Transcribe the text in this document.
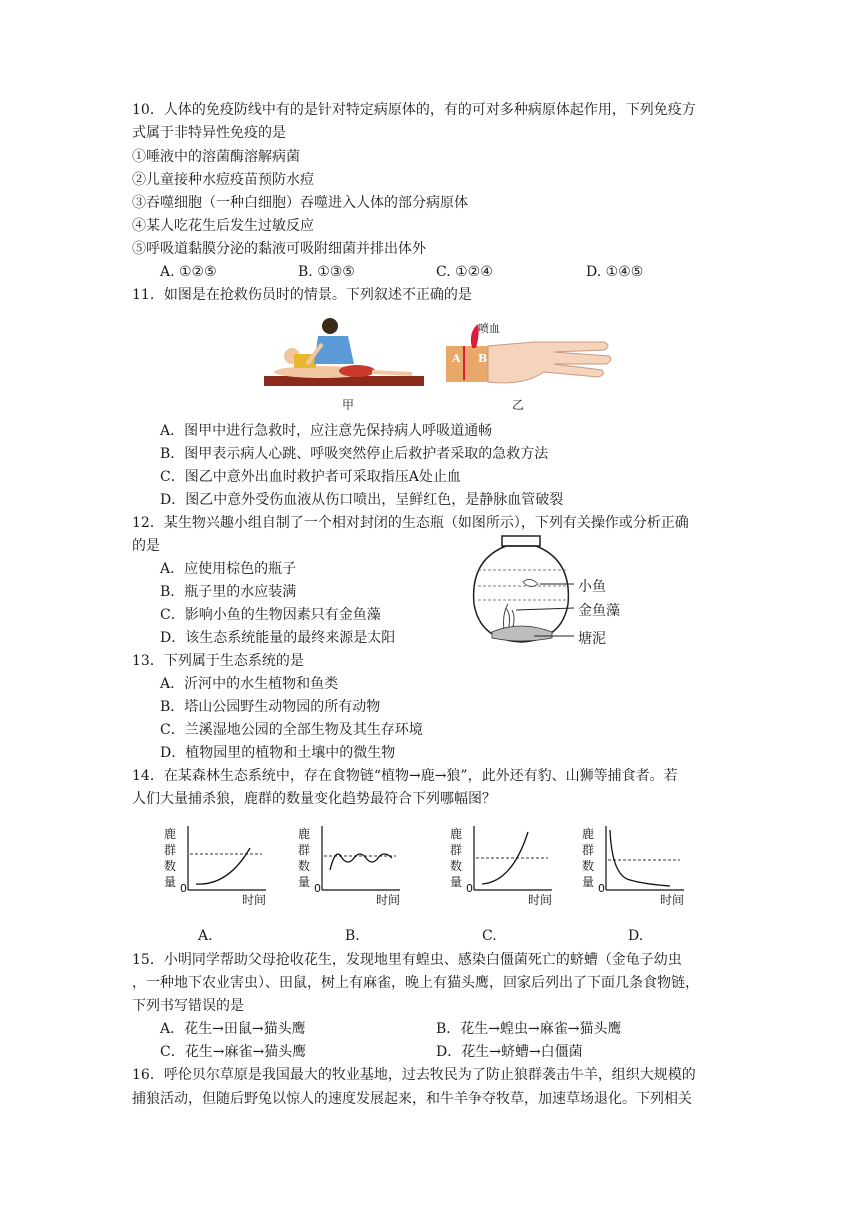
10．人体的免疫防线中有的是针对特定病原体的，有的可对多种病原体起作用，下列免疫方
式属于非特异性免疫的是
①唾液中的溶菌酶溶解病菌
②儿童接种水痘疫苗预防水痘
③吞噬细胞（一种白细胞）吞噬进入人体的部分病原体
④某人吃花生后发生过敏反应
⑤呼吸道黏膜分泌的黏液可吸附细菌并排出体外
A. ①②⑤	B. ①③⑤	C. ①②④	D. ①④⑤
11．如图是在抢救伤员时的情景。下列叙述不正确的是
甲
喷血
A B
乙
A．图甲中进行急救时，应注意先保持病人呼吸道通畅
B．图甲表示病人心跳、呼吸突然停止后救护者采取的急救方法
C．图乙中意外出血时救护者可采取指压A处止血
D．图乙中意外受伤血液从伤口喷出，呈鲜红色，是静脉血管破裂
12．某生物兴趣小组自制了一个相对封闭的生态瓶（如图所示），下列有关操作或分析正确
的是
A．应使用棕色的瓶子
B．瓶子里的水应装满
C．影响小鱼的生物因素只有金鱼藻
D．该生态系统能量的最终来源是太阳
小鱼
金鱼藻
塘泥
13．下列属于生态系统的是
A．沂河中的水生植物和鱼类
B．塔山公园野生动物园的所有动物
C．兰溪湿地公园的全部生物及其生存环境
D．植物园里的植物和土壤中的微生物
14．在某森林生态系统中，存在食物链“植物→鹿→狼”，此外还有豹、山狮等捕食者。若
人们大量捕杀狼，鹿群的数量变化趋势最符合下列哪幅图？
鹿
群
数
量 0
时间
鹿
群
数
量 0
时间
鹿
群
数
量 0
时间
鹿
群
数
量 0
时间
A.	B.	C.	D.
15．小明同学帮助父母抢收花生，发现地里有蝗虫、感染白僵菌死亡的蛴螬（金龟子幼虫
，一种地下农业害虫）、田鼠，树上有麻雀，晚上有猫头鹰，回家后列出了下面几条食物链，
下列书写错误的是
A．花生→田鼠→猫头鹰	B．花生→蝗虫→麻雀→猫头鹰
C．花生→麻雀→猫头鹰	D．花生→蛴螬→白僵菌
16．呼伦贝尔草原是我国最大的牧业基地，过去牧民为了防止狼群袭击牛羊，组织大规模的
捕狼活动，但随后野兔以惊人的速度发展起来，和牛羊争夺牧草，加速草场退化。下列相关
